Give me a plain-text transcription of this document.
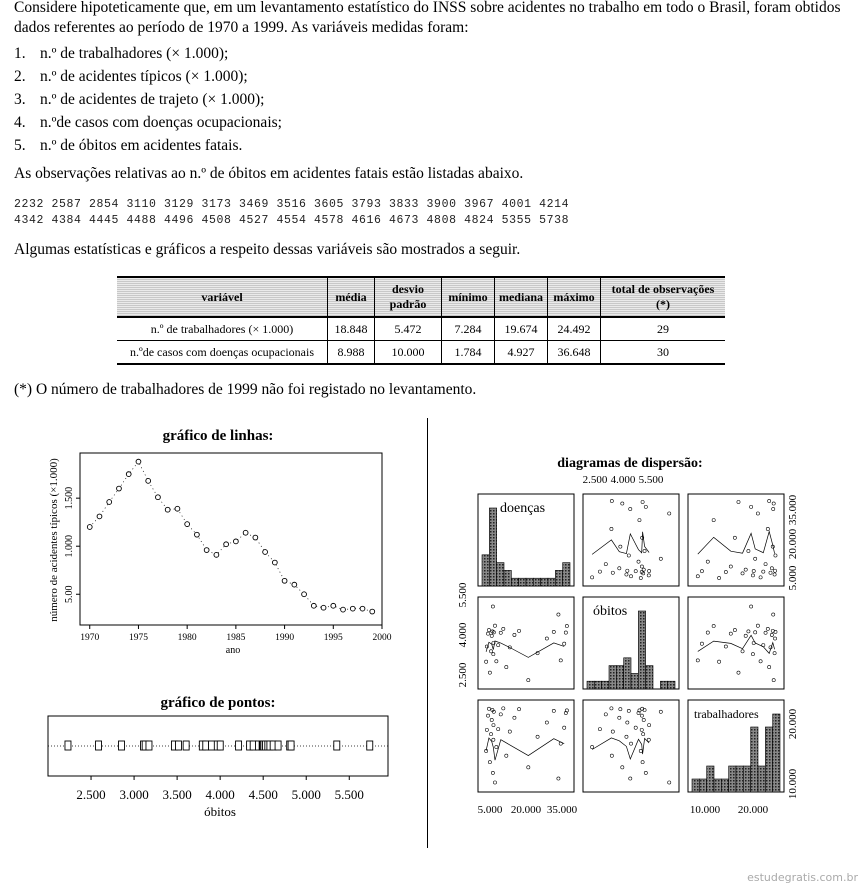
Considere hipoteticamente que, em um levantamento estatístico do INSS sobre acidentes no trabalho em todo o Brasil, foram obtidos dados referentes ao período de 1970 a 1999. As variáveis medidas foram:

1. n.º de trabalhadores (× 1.000);
2. n.º de acidentes típicos (× 1.000);
3. n.º de acidentes de trajeto (× 1.000);
4. n.ºde casos com doenças ocupacionais;
5. n.º de óbitos em acidentes fatais.

As observações relativas ao n.º de óbitos em acidentes fatais estão listadas abaixo.

2232 2587 2854 3110 3129 3173 3469 3516 3605 3793 3833 3900 3967 4001 4214
4342 4384 4445 4488 4496 4508 4527 4554 4578 4616 4673 4808 4824 5355 5738

Algumas estatísticas e gráficos a respeito dessas variáveis são mostrados a seguir.

variável	média	desvio padrão	mínimo	mediana	máximo	total de observações (*)
n.º de trabalhadores (× 1.000)	18.848	5.472	7.284	19.674	24.492	29
n.ºde casos com doenças ocupacionais	8.988	10.000	1.784	4.927	36.648	30

(*) O número de trabalhadores de 1999 não foi registado no levantamento.

gráfico de linhas:
1970	1975	1980	1985	1990	1995	2000
5.00
1.000
1.500
ano
número de acidentes típicos (×1.000)
gráfico de pontos:
2.500 3.000 3.500 4.000 4.500 5.000 5.500
óbitos
diagramas de dispersão:
doenças
óbitos
trabalhadores
2.500 4.000 5.500
5.000 20.000 35.000	10.000 20.000
5.000
20.000
35.000
10.000
20.000
2.500
4.000
5.500
estudegratis.com.br
